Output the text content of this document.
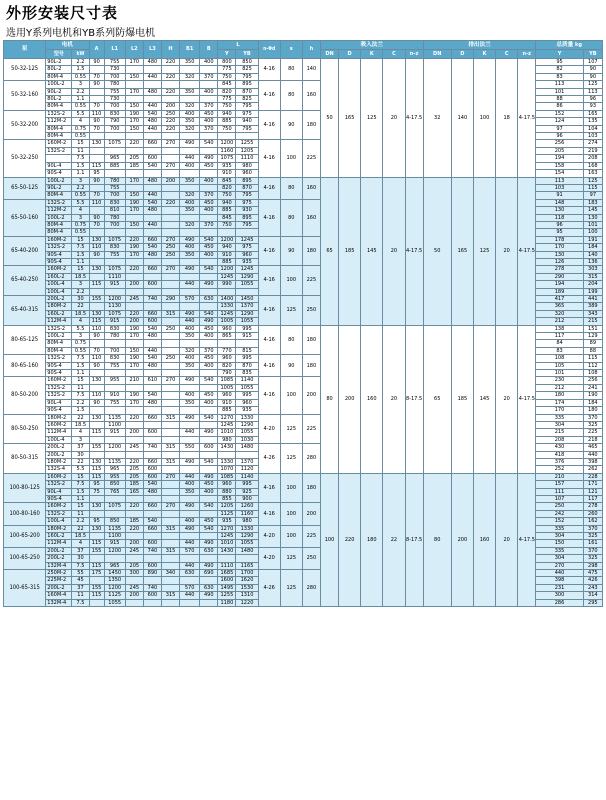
外形安装尺寸表
选用Y系列电机和YB系列防爆电机
泵	电机		A	L1	L2	L3	H	B1	B	L		n-Φd	s	h	吸入法兰					排出法兰					总质量 kg	
	型号	kW								Y	YB				DN	D	K	C	n-z	DN	D	K	C	n-z	Y	YB
50-32-125	90L-2	2.2	90	755	170	480	220	350	400	800	850	4-16	80	140	50	165	125	20	4-17.5	32	140	100	18	4-17.5	95	107
	80L-2	1.5		730						775	825														82	90
	80M-4	0.55	70	700	150	440	220	320	370	750	795														83	90
50-32-160	100L-2	3	90	780						845	895	4-16	80	160											113	125
	90L-2	2.2		755	170	480	220	350	400	820	870														101	113
	80L-2	1.1		730						775	825														88	96
	80M-4	0.55	70	700	150	440	200	320	370	750	795														86	93
50-32-200	132S-2	5.5	110	830	190	540	250	400	450	940	975	4-16	90	180											152	165
	112M-2	4	90	790	170	480	220	350	400	885	940														124	135
	80M-4	0.75	70	700	150	440	220	320	370	750	795														97	104
	80M-4	0.55																							96	103
50-32-250	160M-2	15	130	1075	220	660	270	490	540	1200	1255	4-16	100	225											256	274
	132S-2	11								1160	1205														205	219
		7.5		965	205	600		440	490	1075	1110														194	208
	90L-4	1.5	115	885	185	540	270	400	450	935	980														158	168
	90S-4	1.1	95							910	960														154	163
65-50-125	100L-2	3	90	780	170	480	200	350	400	845	895	4-16	80	160	65	185	145	20	4-17.5	50	165	125	20	4-17.5	113	125
	90L-2	2.2		755						820	870														103	115
	80M-4	0.55	70	700	150	440		320	370	750	795														91	97
65-50-160	132S-2	5.5	110	830	190	540	220	400	450	940	975	4-16	80	160											148	183
	112M-2	4		810	170	480		350	400	885	930														130	145
	100L-2	3	90	780						845	895														118	130
	80M-4	0.75	70	700	150	440		320	370	750	795														96	101
	80M-4	0.55																							95	100
65-40-200	160M-2	15	130	1075	220	660	270	490	540	1200	1245	4-16	90	180											178	191
	132S-2	7.5	110	830	190	540	250	400	450	940	975														170	184
	90S-4	1.5	90	755	170	480	250	350	400	910	960														130	140
	90S-4	1.1								885	935														126	136
65-40-250	160M-2	15	130	1075	220	660	270	490	540	1200	1245	4-16	100	225											278	303
	160L-2	18.5		1110						1245	1290														290	315
	100L-4	3	115	915	200	600		440	490	990	1055														194	204
	100L-4	2.2																							189	199
65-40-315	200L-2	30	155	1200	245	740	290	570	630	1400	1450	4-16	125	250											417	441
	180M-2	22		1130						1330	1370														365	389
	160L-2	18.5	130	1075	220	660	315	490	540	1245	1290														320	343
	112M-4	4	115	915	200	600		440	490	1005	1055														212	215
80-65-125	132S-2	5.5	110	830	190	540	250	400	450	960	995	4-16	80	180	80	200	160	20	8-17.5	65	185	145	20	4-17.5	138	151
	100L-2	3	90	780	170	480		350	400	865	915														117	129
	80M-4	0.75																							84	89
	80M-4	0.55	70	700	150	440		320	370	770	815														83	88
80-65-160	132S-2	7.5	110	830	190	540	250	400	450	960	995	4-16	90	180											108	115
	90S-4	1.5	90	755	170	480		350	400	820	870														105	112
	90S-4	1.1								790	835														101	108
80-50-200	160M-2	15	130	955	210	610	270	490	540	1085	1140	4-16	100	200											230	256
	132S-2	11								1005	1055														212	241
	132S-2	7.5	110	910	190	540		400	450	960	995														180	190
	90L-4	2.2	90	755	170	480		350	400	910	960														174	184
	90S-4	1.5								885	935														170	180
80-50-250	180M-2	22	130	1135	220	660	315	490	540	1270	1330	4-20	125	225											335	370
	160M-2	18.5		1100						1245	1290														304	325
	112M-4	4	115	915	200	600		440	490	1010	1055														215	225
	100L-4	3								980	1030														208	218
80-50-315	200L-2	37	155	1200	245	740	315	550	600	1430	1480	4-26	125	280											430	465
	200L-2	30																							418	440
	180M-2	22	130	1135	220	660	315	490	540	1330	1370														376	398
	132S-4	5.5	115	965	205	600				1070	1120														252	262
100-80-125	160M-2	15	115	955	205	600	270	440	490	1085	1140	4-16	100	180	100	220	180	22	8-17.5	80	200	160	20	4-17.5	210	228
	132S-2	7.5	95	850	185	540		400	450	960	995														157	171
	90L-4	1.5	75	765	165	480		350	400	880	925														111	121
	90S-4	1.1								855	900														107	117
100-80-160	160M-2	15	130	1075	220	660	270	490	540	1205	1260	4-16	100	200											250	278
	132S-2	11								1125	1160														242	260
	100L-4	2.2	95	850	185	540		400	450	935	980														152	162
100-65-200	180M-2	22	130	1135	220	660	315	490	540	1270	1330	4-20	100	225											335	370
	160L-2	18.5		1100						1245	1290														304	325
	112M-4	4	115	915	200	600		440	490	1010	1055														150	161
100-65-250	200L-2	37	155	1200	245	740	315	570	630	1430	1480	4-20	125	250											335	370
	200L-2	30																							304	325
	132M-4	7.5	115	965	205	600		440	490	1110	1165														270	298
100-65-315	250M-2	55	175	1450	300	890	340	630	690	1685	1700	4-26	125	280											440	475
	225M-2	45		1350						1600	1620														398	426
	200L-2	37	155	1200	245	740		570	630	1495	1530														231	243
	160M-4	11	115	1125	200	600	315	440	490	1255	1310														300	314
	132M-4	7.5		1055						1180	1220														286	295
